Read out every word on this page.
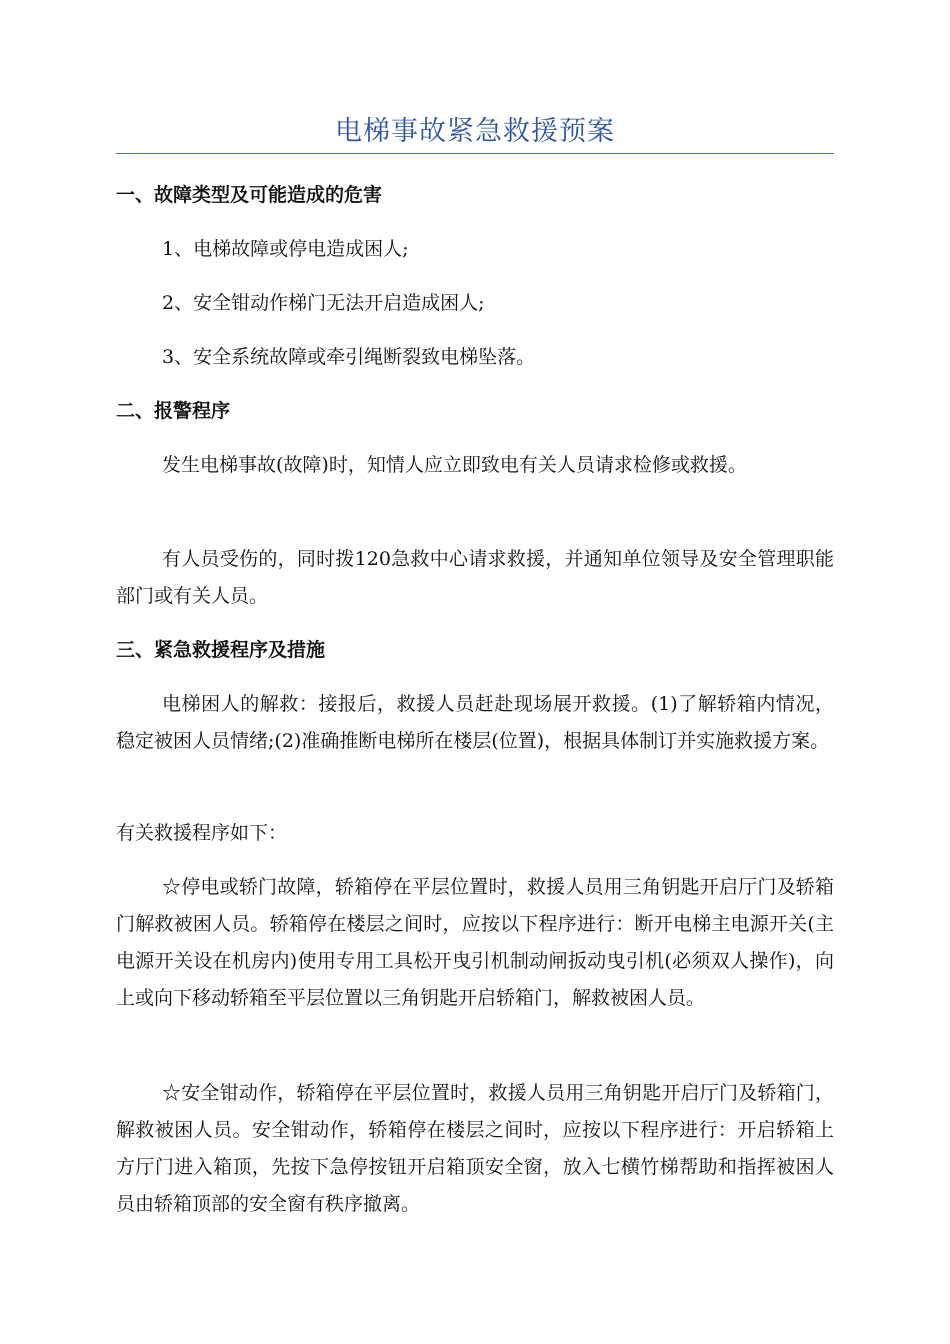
电梯事故紧急救援预案
一、故障类型及可能造成的危害
1、电梯故障或停电造成困人;
2、安全钳动作梯门无法开启造成困人;
3、安全系统故障或牵引绳断裂致电梯坠落。
二、报警程序
发生电梯事故(故障)时，知情人应立即致电有关人员请求检修或救援。
有人员受伤的，同时拨120急救中心请求救援，并通知单位领导及安全管理职能部门或有关人员。
三、紧急救援程序及措施
电梯困人的解救：接报后，救援人员赶赴现场展开救援。(1)了解轿箱内情况，稳定被困人员情绪;(2)准确推断电梯所在楼层(位置)，根据具体制订并实施救援方案。
有关救援程序如下：
☆停电或轿门故障，轿箱停在平层位置时，救援人员用三角钥匙开启厅门及轿箱门解救被困人员。轿箱停在楼层之间时，应按以下程序进行：断开电梯主电源开关(主电源开关设在机房内)使用专用工具松开曳引机制动闸扳动曳引机(必须双人操作)，向上或向下移动轿箱至平层位置以三角钥匙开启轿箱门，解救被困人员。
☆安全钳动作，轿箱停在平层位置时，救援人员用三角钥匙开启厅门及轿箱门，解救被困人员。安全钳动作，轿箱停在楼层之间时，应按以下程序进行：开启轿箱上方厅门进入箱顶，先按下急停按钮开启箱顶安全窗，放入七横竹梯帮助和指挥被困人员由轿箱顶部的安全窗有秩序撤离。
